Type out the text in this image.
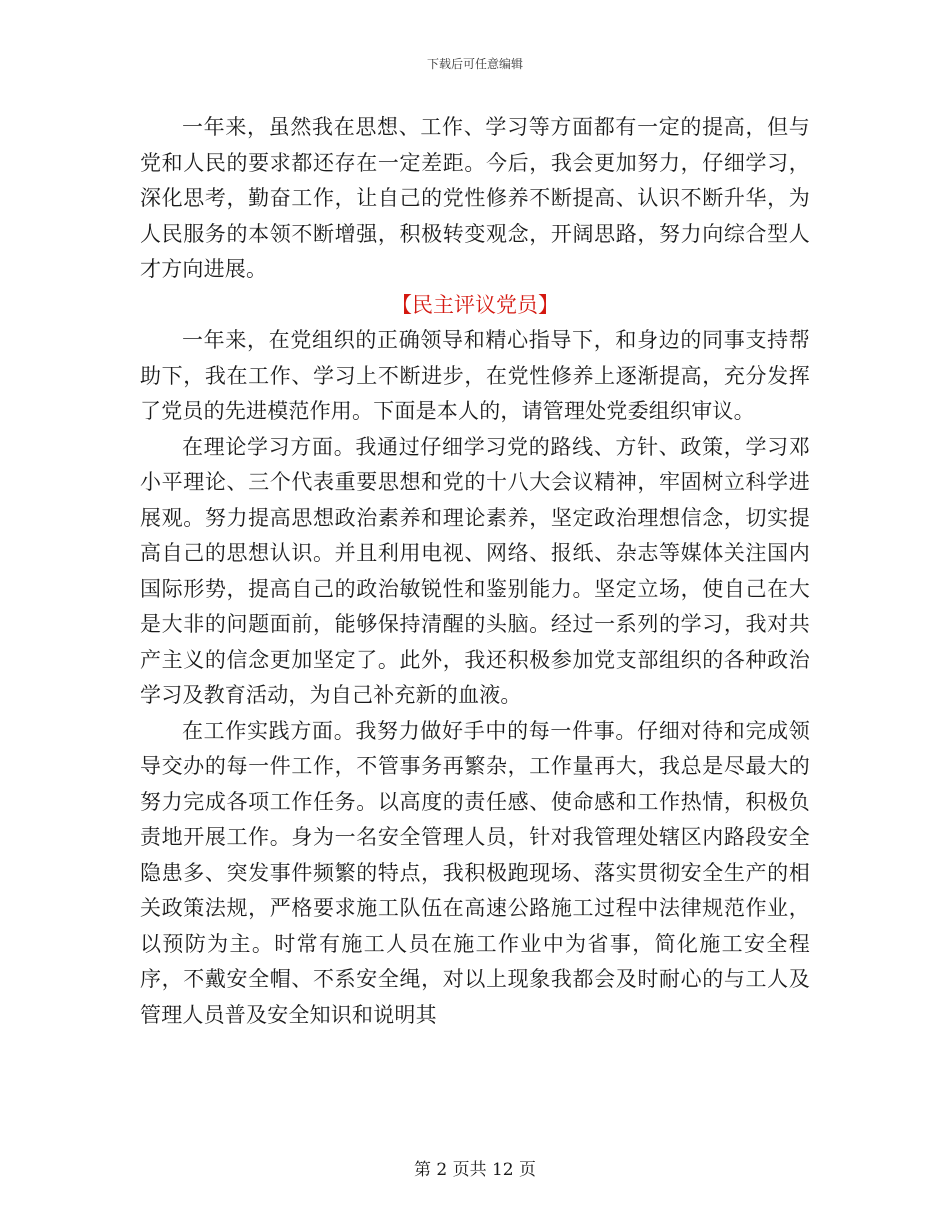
下载后可任意编辑

一年来，虽然我在思想、工作、学习等方面都有一定的提高，但与党和人民的要求都还存在一定差距。今后，我会更加努力，仔细学习，深化思考，勤奋工作，让自己的党性修养不断提高、认识不断升华，为人民服务的本领不断增强，积极转变观念，开阔思路，努力向综合型人才方向进展。

【民主评议党员】

一年来，在党组织的正确领导和精心指导下，和身边的同事支持帮助下，我在工作、学习上不断进步，在党性修养上逐渐提高，充分发挥了党员的先进模范作用。下面是本人的，请管理处党委组织审议。

在理论学习方面。我通过仔细学习党的路线、方针、政策，学习邓小平理论、三个代表重要思想和党的十八大会议精神，牢固树立科学进展观。努力提高思想政治素养和理论素养，坚定政治理想信念，切实提高自己的思想认识。并且利用电视、网络、报纸、杂志等媒体关注国内国际形势，提高自己的政治敏锐性和鉴别能力。坚定立场，使自己在大是大非的问题面前，能够保持清醒的头脑。经过一系列的学习，我对共产主义的信念更加坚定了。此外，我还积极参加党支部组织的各种政治学习及教育活动，为自己补充新的血液。

在工作实践方面。我努力做好手中的每一件事。仔细对待和完成领导交办的每一件工作，不管事务再繁杂，工作量再大，我总是尽最大的努力完成各项工作任务。以高度的责任感、使命感和工作热情，积极负责地开展工作。身为一名安全管理人员，针对我管理处辖区内路段安全隐患多、突发事件频繁的特点，我积极跑现场、落实贯彻安全生产的相关政策法规，严格要求施工队伍在高速公路施工过程中法律规范作业，以预防为主。时常有施工人员在施工作业中为省事，简化施工安全程序，不戴安全帽、不系安全绳，对以上现象我都会及时耐心的与工人及管理人员普及安全知识和说明其

第 2 页共 12 页
